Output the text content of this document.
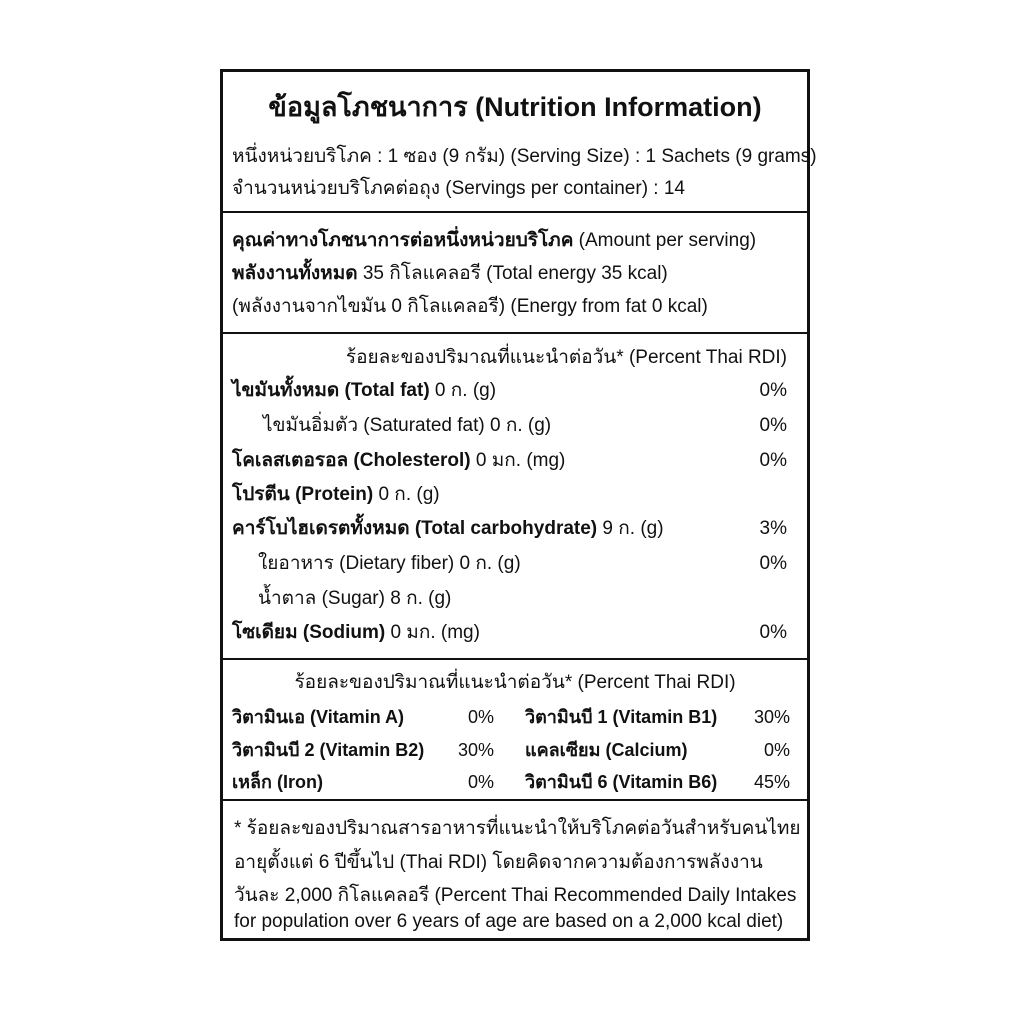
ข้อมูลโภชนาการ (Nutrition Information)
หนึ่งหน่วยบริโภค : 1 ซอง (9 กรัม) (Serving Size) : 1 Sachets (9 grams)
จำนวนหน่วยบริโภคต่อถุง (Servings per container) : 14
คุณค่าทางโภชนาการต่อหนึ่งหน่วยบริโภค (Amount per serving)
พลังงานทั้งหมด 35 กิโลแคลอรี (Total energy 35 kcal)
(พลังงานจากไขมัน 0 กิโลแคลอรี) (Energy from fat 0 kcal)
ร้อยละของปริมาณที่แนะนำต่อวัน* (Percent Thai RDI)
ไขมันทั้งหมด (Total fat) 0 ก. (g)	0%
ไขมันอิ่มตัว (Saturated fat) 0 ก. (g)	0%
โคเลสเตอรอล (Cholesterol) 0 มก. (mg)	0%
โปรตีน (Protein) 0 ก. (g)
คาร์โบไฮเดรตทั้งหมด (Total carbohydrate) 9 ก. (g)	3%
ใยอาหาร (Dietary fiber) 0 ก. (g)	0%
น้ำตาล (Sugar) 8 ก. (g)
โซเดียม (Sodium) 0 มก. (mg)	0%
ร้อยละของปริมาณที่แนะนำต่อวัน* (Percent Thai RDI)
วิตามินเอ (Vitamin A)	0% วิตามินบี 1 (Vitamin B1)	30%
วิตามินบี 2 (Vitamin B2)	30% แคลเซียม (Calcium)	0%
เหล็ก (Iron)	0% วิตามินบี 6 (Vitamin B6)	45%
* ร้อยละของปริมาณสารอาหารที่แนะนำให้บริโภคต่อวันสำหรับคนไทย
อายุตั้งแต่ 6 ปีขึ้นไป (Thai RDI) โดยคิดจากความต้องการพลังงาน
วันละ 2,000 กิโลแคลอรี (Percent Thai Recommended Daily Intakes
for population over 6 years of age are based on a 2,000 kcal diet)
